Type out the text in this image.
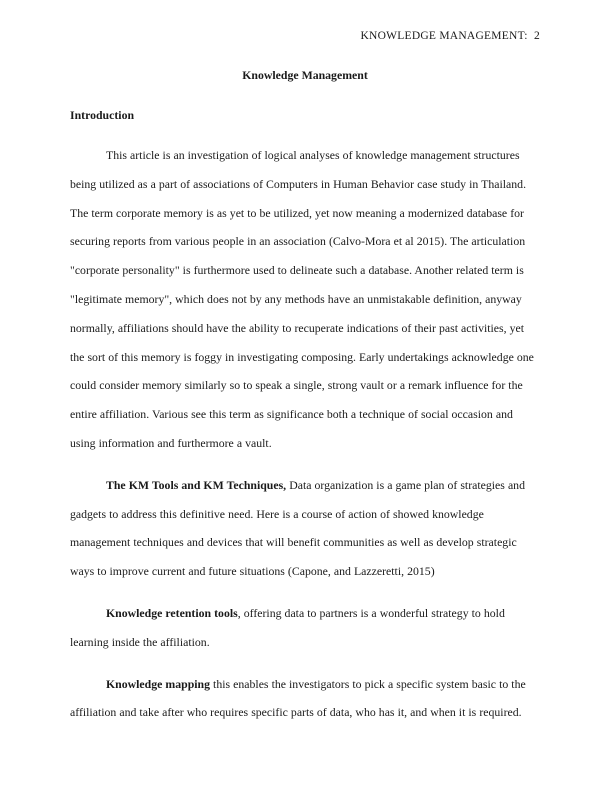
KNOWLEDGE MANAGEMENT:  2
Knowledge Management
Introduction

This article is an investigation of logical analyses of knowledge management structures being utilized as a part of associations of Computers in Human Behavior case study in Thailand. The term corporate memory is as yet to be utilized, yet now meaning a modernized database for securing reports from various people in an association (Calvo-Mora et al 2015). The articulation "corporate personality" is furthermore used to delineate such a database. Another related term is "legitimate memory", which does not by any methods have an unmistakable definition, anyway normally, affiliations should have the ability to recuperate indications of their past activities, yet the sort of this memory is foggy in investigating composing. Early undertakings acknowledge one could consider memory similarly so to speak a single, strong vault or a remark influence for the entire affiliation. Various see this term as significance both a technique of social occasion and using information and furthermore a vault.

The KM Tools and KM Techniques, Data organization is a game plan of strategies and gadgets to address this definitive need. Here is a course of action of showed knowledge management techniques and devices that will benefit communities as well as develop strategic ways to improve current and future situations (Capone, and Lazzeretti, 2015)

Knowledge retention tools, offering data to partners is a wonderful strategy to hold learning inside the affiliation.

Knowledge mapping this enables the investigators to pick a specific system basic to the affiliation and take after who requires specific parts of data, who has it, and when it is required.
